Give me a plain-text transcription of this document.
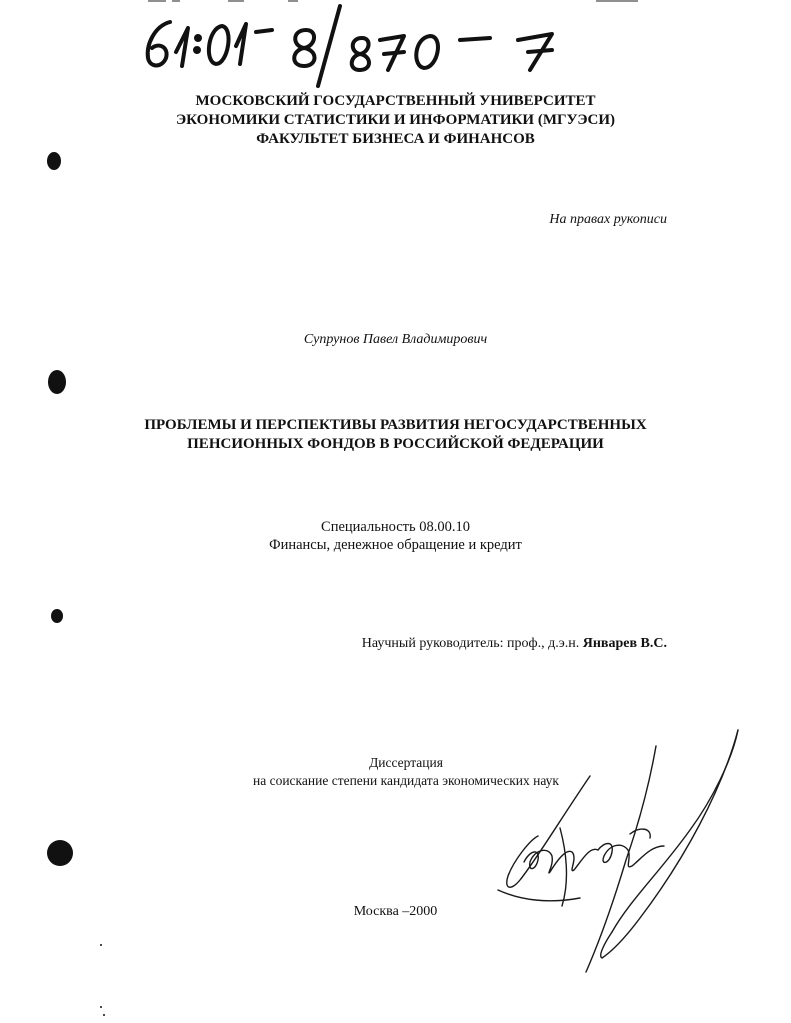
МОСКОВСКИЙ ГОСУДАРСТВЕННЫЙ УНИВЕРСИТЕТ
ЭКОНОМИКИ СТАТИСТИКИ И ИНФОРМАТИКИ (МГУЭСИ)
ФАКУЛЬТЕТ БИЗНЕСА И ФИНАНСОВ
На правах рукописи
Супрунов Павел Владимирович
ПРОБЛЕМЫ И ПЕРСПЕКТИВЫ РАЗВИТИЯ НЕГОСУДАРСТВЕННЫХ
ПЕНСИОННЫХ ФОНДОВ В РОССИЙСКОЙ ФЕДЕРАЦИИ
Специальность 08.00.10
Финансы, денежное обращение и кредит
Научный руководитель: проф., д.э.н. Январев В.С.
Диссертация
на соискание степени кандидата экономических наук
Москва –2000
